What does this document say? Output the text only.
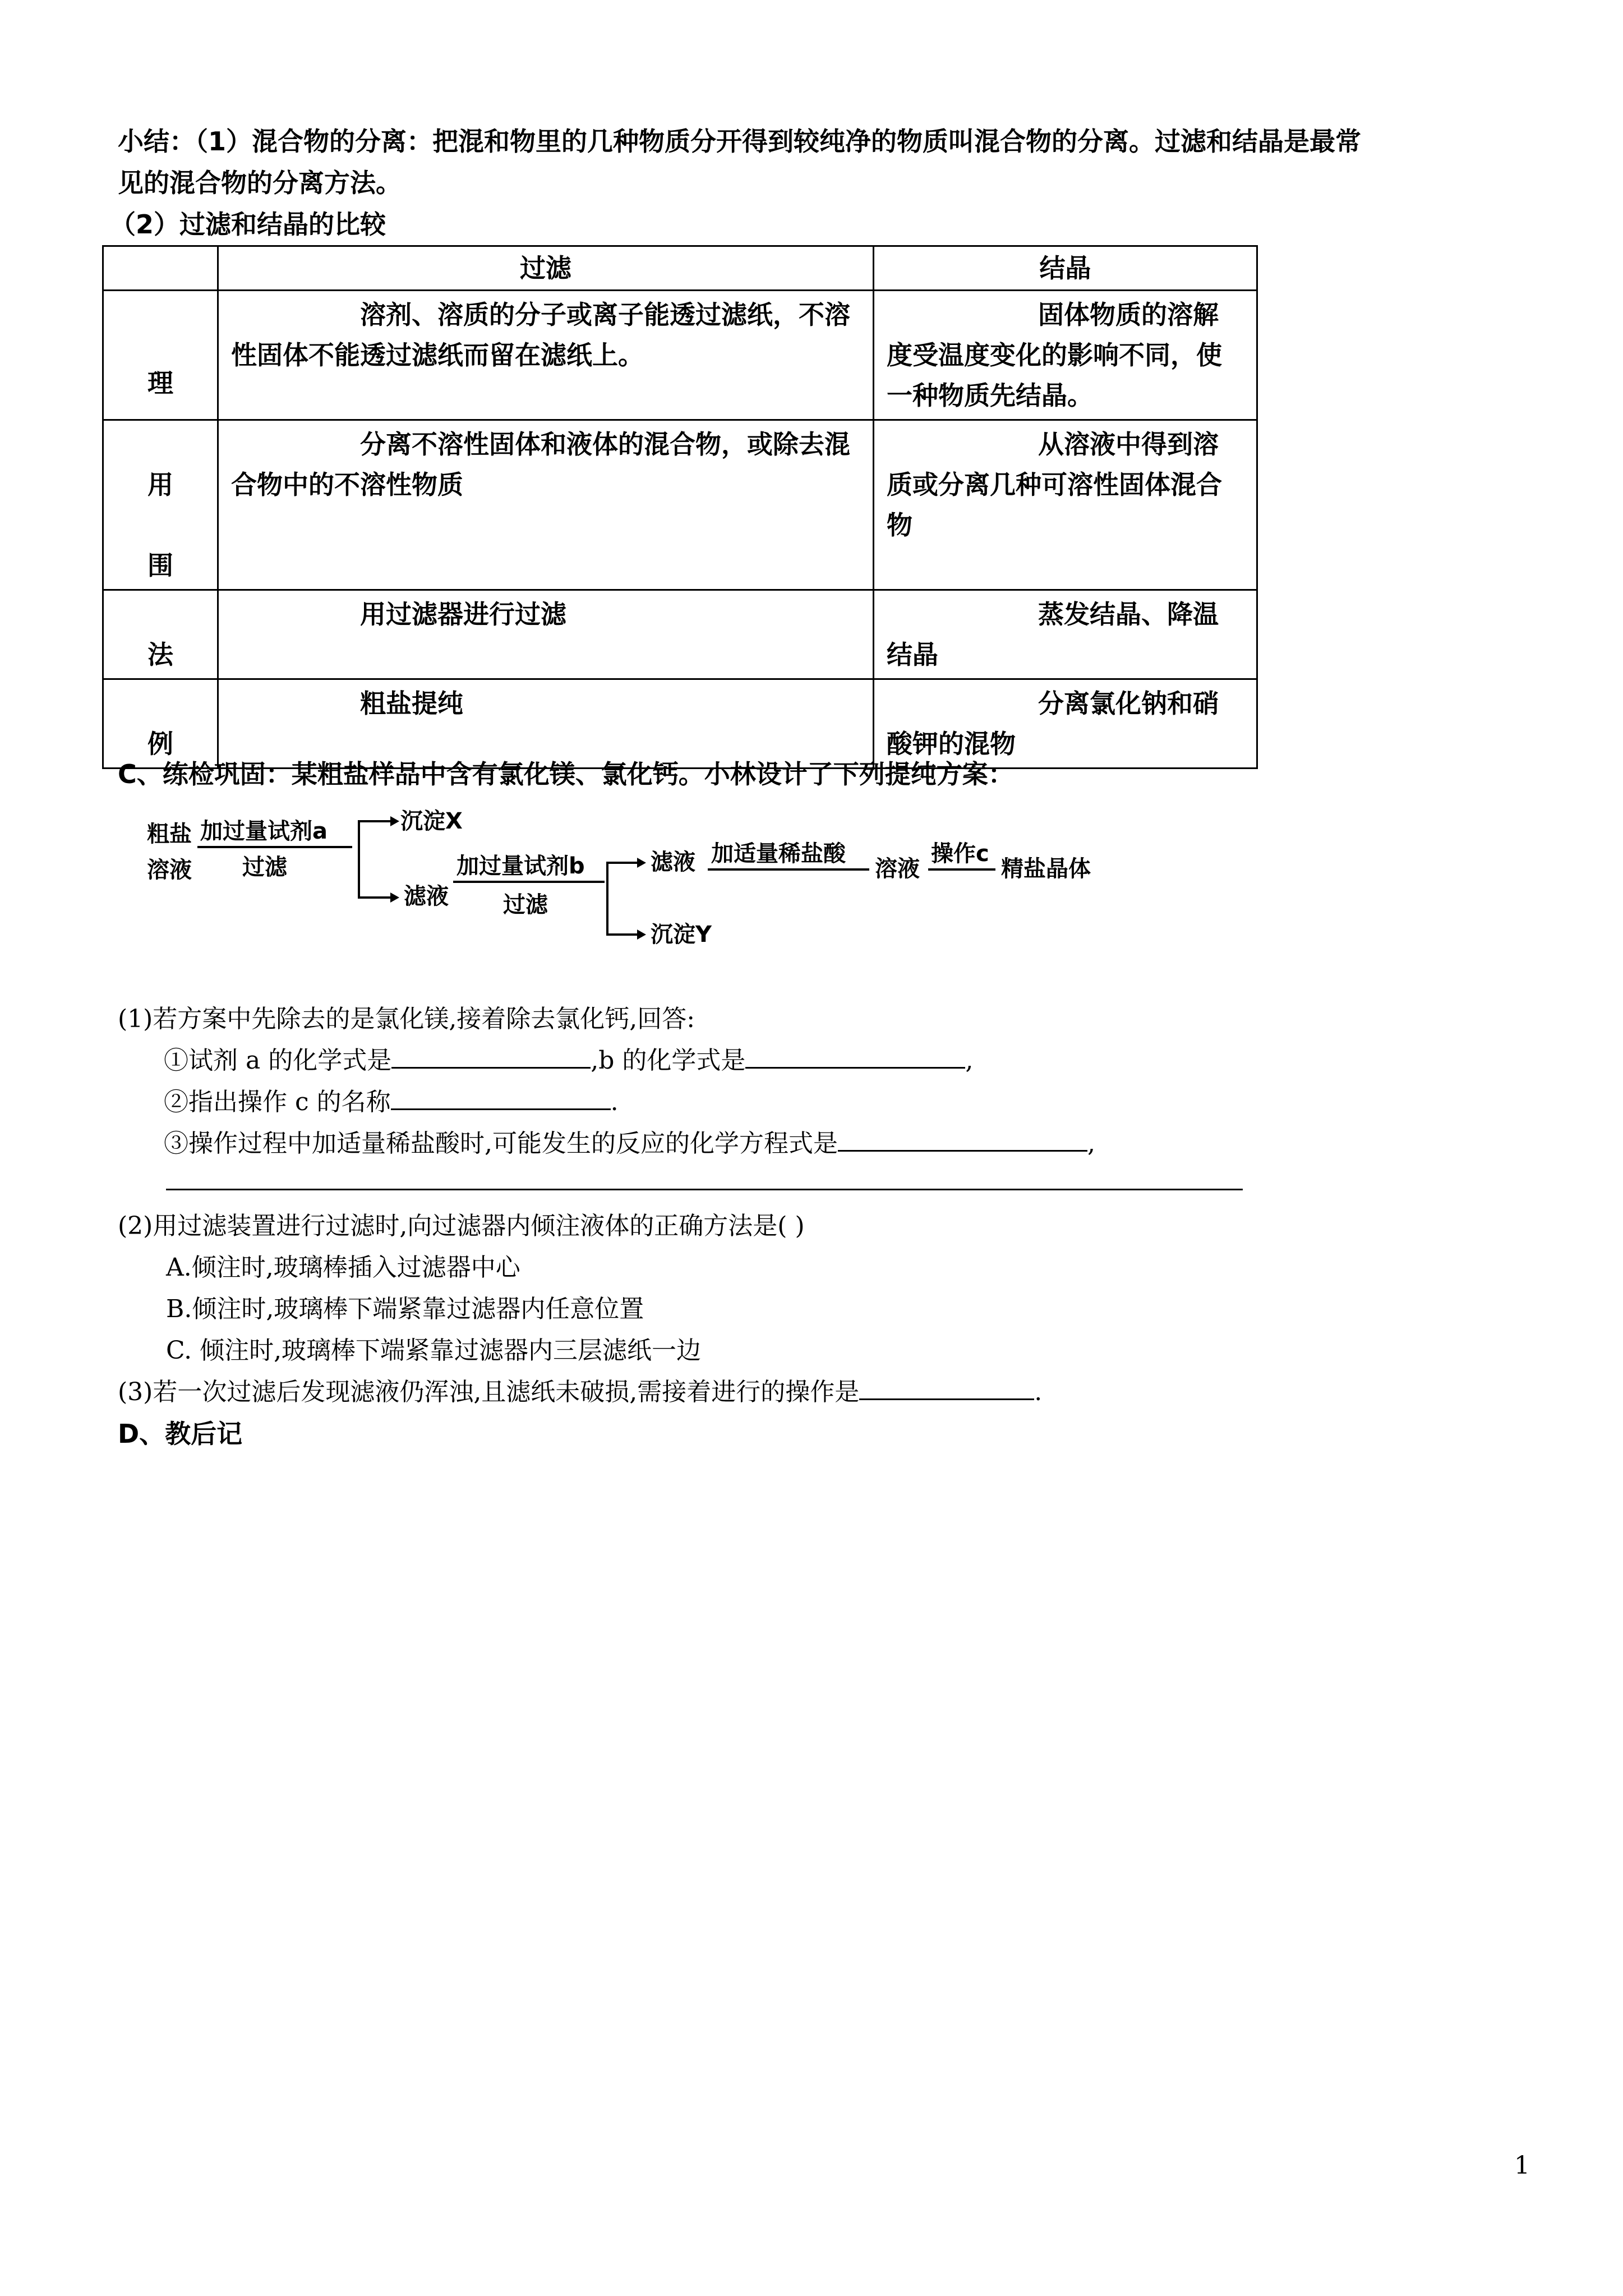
小结：（1）混合物的分离：把混和物里的几种物质分开得到较纯净的物质叫混合物的分离。过滤和结晶是最常
见的混合物的分离方法。
（2）过滤和结晶的比较
	过滤	结晶
理	溶剂、溶质的分子或离子能透过滤纸，不溶性固体不能透过滤纸而留在滤纸上。	固体物质的溶解度受温度变化的影响不同，使一种物质先结晶。

用
围	分离不溶性固体和液体的混合物，或除去混合物中的不溶性物质	从溶液中得到溶质或分离几种可溶性固体混合物
法	用过滤器进行过滤	蒸发结晶、降温结晶
例	粗盐提纯	分离氯化钠和硝酸钾的混物
C、练检巩固：某粗盐样品中含有氯化镁、氯化钙。小林设计了下列提纯方案：
粗盐
溶液
加过量试剂a
过滤
沉淀X
滤液
加过量试剂b
过滤
滤液
沉淀Y
加适量稀盐酸
溶液
操作c
精盐晶体
(1)若方案中先除去的是氯化镁,接着除去氯化钙,回答:
①试剂 a 的化学式是	,b 的化学式是	,
②指出操作 c 的名称	.
③操作过程中加适量稀盐酸时,可能发生的反应的化学方程式是	,
(2)用过滤装置进行过滤时,向过滤器内倾注液体的正确方法是( )
A.倾注时,玻璃棒插入过滤器中心
B.倾注时,玻璃棒下端紧靠过滤器内任意位置
C. 倾注时,玻璃棒下端紧靠过滤器内三层滤纸一边
(3)若一次过滤后发现滤液仍浑浊,且滤纸未破损,需接着进行的操作是	.
D、教后记
1
